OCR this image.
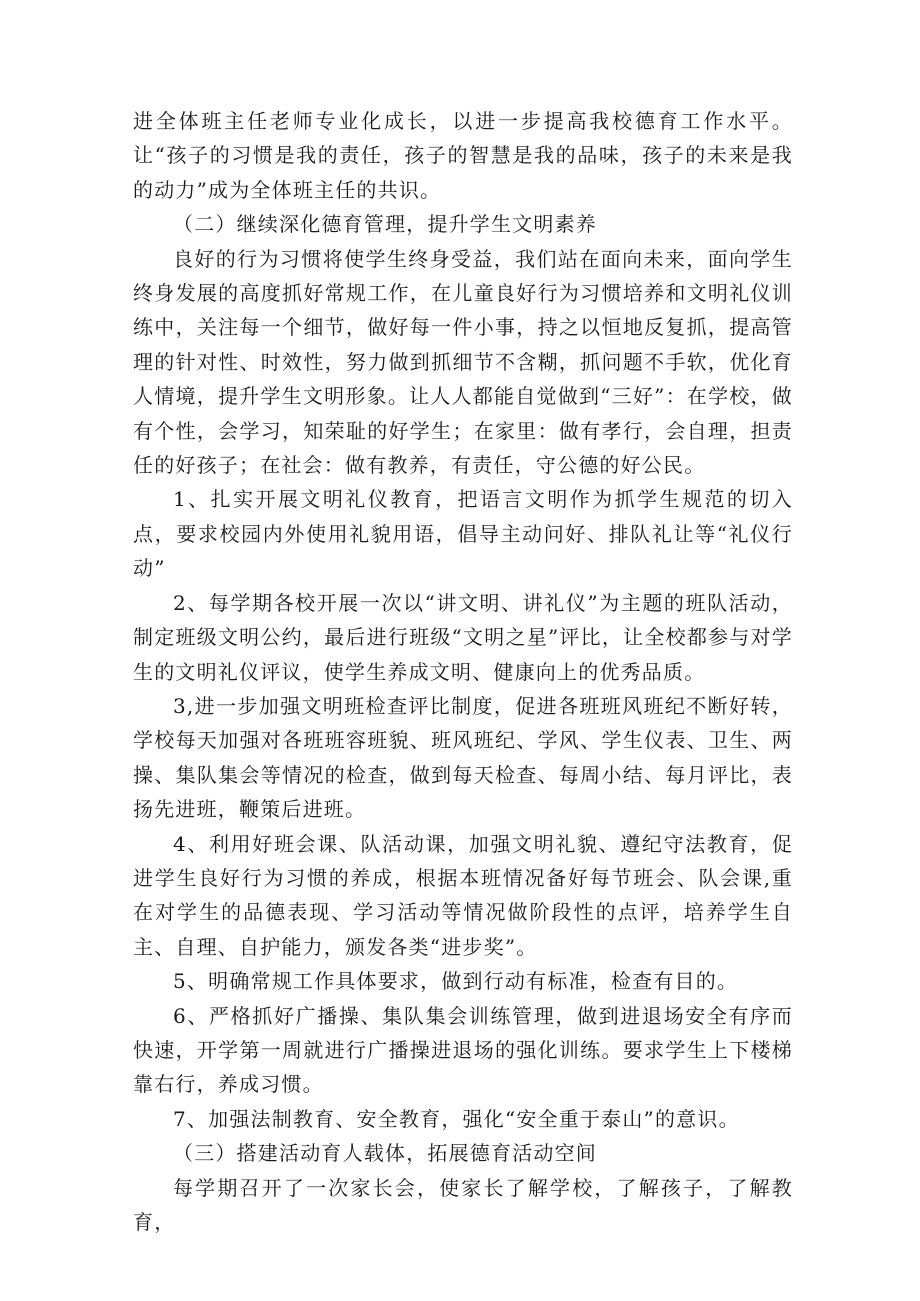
进全体班主任老师专业化成长，以进一步提高我校德育工作水平。让“孩子的习惯是我的责任，孩子的智慧是我的品味，孩子的未来是我的动力”成为全体班主任的共识。

（二）继续深化德育管理，提升学生文明素养

良好的行为习惯将使学生终身受益，我们站在面向未来，面向学生终身发展的高度抓好常规工作，在儿童良好行为习惯培养和文明礼仪训练中，关注每一个细节，做好每一件小事，持之以恒地反复抓，提高管理的针对性、时效性，努力做到抓细节不含糊，抓问题不手软，优化育人情境，提升学生文明形象。让人人都能自觉做到“三好”：在学校，做有个性，会学习，知荣耻的好学生；在家里：做有孝行，会自理，担责任的好孩子；在社会：做有教养，有责任，守公德的好公民。

1、扎实开展文明礼仪教育，把语言文明作为抓学生规范的切入点，要求校园内外使用礼貌用语，倡导主动问好、排队礼让等“礼仪行动”

2、每学期各校开展一次以“讲文明、讲礼仪”为主题的班队活动，制定班级文明公约，最后进行班级“文明之星”评比，让全校都参与对学生的文明礼仪评议，使学生养成文明、健康向上的优秀品质。

3,进一步加强文明班检查评比制度，促进各班班风班纪不断好转，学校每天加强对各班班容班貌、班风班纪、学风、学生仪表、卫生、两操、集队集会等情况的检查，做到每天检查、每周小结、每月评比，表扬先进班，鞭策后进班。

4、利用好班会课、队活动课，加强文明礼貌、遵纪守法教育，促进学生良好行为习惯的养成，根据本班情况备好每节班会、队会课,重在对学生的品德表现、学习活动等情况做阶段性的点评，培养学生自主、自理、自护能力，颁发各类“进步奖”。

5、明确常规工作具体要求，做到行动有标准，检查有目的。

6、严格抓好广播操、集队集会训练管理，做到进退场安全有序而快速，开学第一周就进行广播操进退场的强化训练。要求学生上下楼梯靠右行，养成习惯。

7、加强法制教育、安全教育，强化“安全重于泰山”的意识。

（三）搭建活动育人载体，拓展德育活动空间

每学期召开了一次家长会，使家长了解学校，了解孩子，了解教育，
